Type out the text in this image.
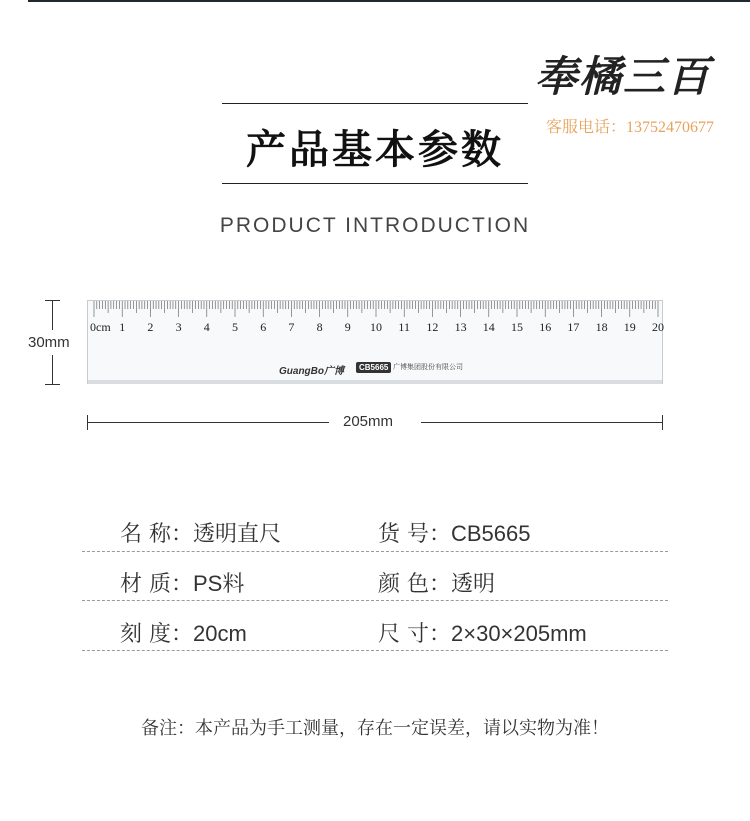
奉橘三百
客服电话：13752470677
产品基本参数
PRODUCT INTRODUCTION
0cm 1 2 3 4 5 6 7 8 9 10 11 12 13 14 15 16 17 18 19 20
GuangBo广博	CB5665 广博集团股份有限公司
30mm
205mm
名 称：透明直尺	货 号：CB5665
材 质：PS料	颜 色：透明
刻 度：20cm	尺 寸：2×30×205mm
备注：本产品为手工测量，存在一定误差，请以实物为准！
